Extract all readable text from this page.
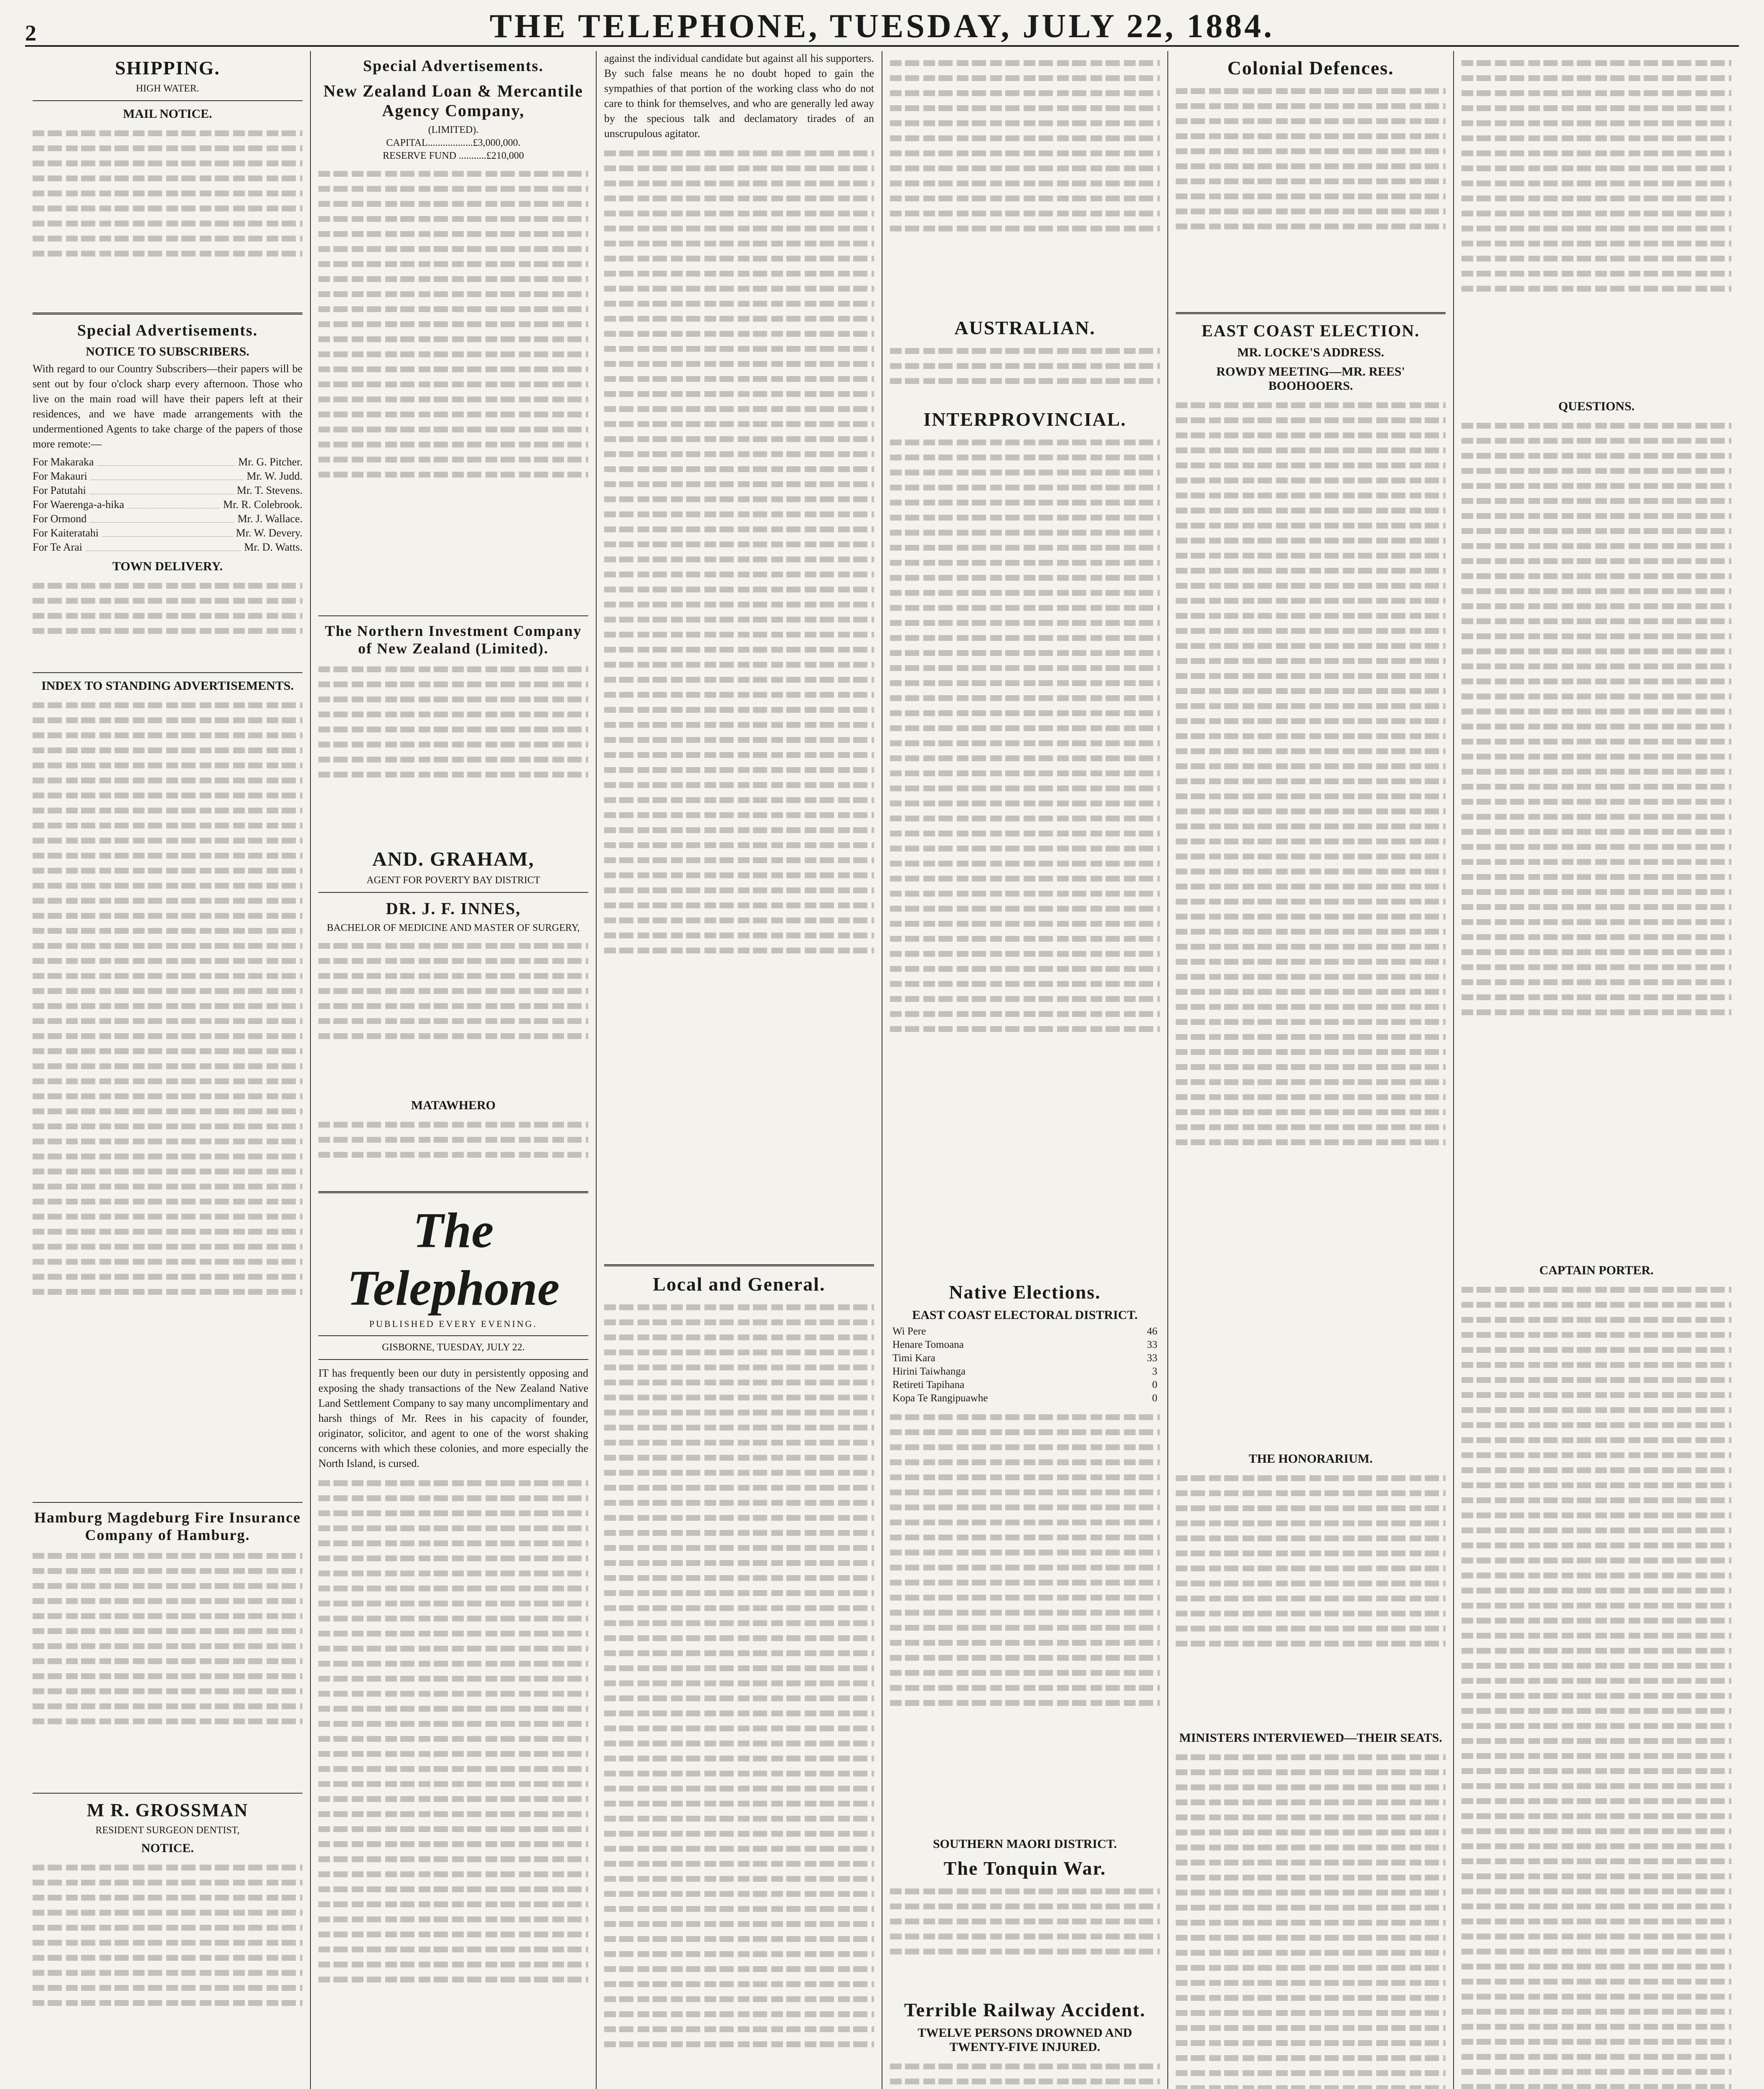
2	THE TELEPHONE, TUESDAY, JULY 22, 1884.
SHIPPING.
HIGH WATER.
MAIL NOTICE.
Special Advertisements.
NOTICE TO SUBSCRIBERS.

With regard to our Country Subscribers—their papers will be sent out by four o'clock sharp every afternoon. Those who live on the main road will have their papers left at their residences, and we have made arrangements with the undermentioned Agents to take charge of the papers of those more remote:—

For Makaraka	Mr. G. Pitcher.
For Makauri	Mr. W. Judd.
For Patutahi	Mr. T. Stevens.
For Waerenga-a-hika	Mr. R. Colebrook.
For Ormond	Mr. J. Wallace.
For Kaiteratahi	Mr. W. Devery.
For Te Arai	Mr. D. Watts.
TOWN DELIVERY.
INDEX TO STANDING ADVERTISEMENTS.
Hamburg Magdeburg Fire Insurance Company of Hamburg.
M R. GROSSMAN
RESIDENT SURGEON DENTIST,
NOTICE.
Special Advertisements.
New Zealand Loan & Mercantile Agency Company,
(LIMITED).
CAPITAL..................£3,000,000.
RESERVE FUND ...........£210,000
The Northern Investment Company of New Zealand (Limited).
AND. GRAHAM,
AGENT FOR POVERTY BAY DISTRICT
DR. J. F. INNES,
BACHELOR OF MEDICINE AND MASTER OF SURGERY,
MATAWHERO
The Telephone
PUBLISHED EVERY EVENING.
GISBORNE, TUESDAY, JULY 22.

IT has frequently been our duty in persistently opposing and exposing the shady transactions of the New Zealand Native Land Settlement Company to say many uncomplimentary and harsh things of Mr. Rees in his capacity of founder, originator, solicitor, and agent to one of the worst shaking concerns with which these colonies, and more especially the North Island, is cursed.

against the individual candidate but against all his supporters. By such false means he no doubt hoped to gain the sympathies of that portion of the working class who do not care to think for themselves, and who are generally led away by the specious talk and declamatory tirades of an unscrupulous agitator.

Local and General.
AUSTRALIAN.
INTERPROVINCIAL.
Native Elections.
EAST COAST ELECTORAL DISTRICT.
Wi Pere	46
Henare Tomoana	33
Timi Kara	33
Hirini Taiwhanga	3
Retireti Tapihana	0
Kopa Te Rangipuawhe	0
SOUTHERN MAORI DISTRICT.
The Tonquin War.
Terrible Railway Accident.
TWELVE PERSONS DROWNED AND TWENTY-FIVE INJURED.
Colonial Defences.
EAST COAST ELECTION.
MR. LOCKE'S ADDRESS.
ROWDY MEETING—MR. REES' BOOHOOERS.
THE HONORARIUM.
MINISTERS INTERVIEWED—THEIR SEATS.
QUESTIONS.
CAPTAIN PORTER.
